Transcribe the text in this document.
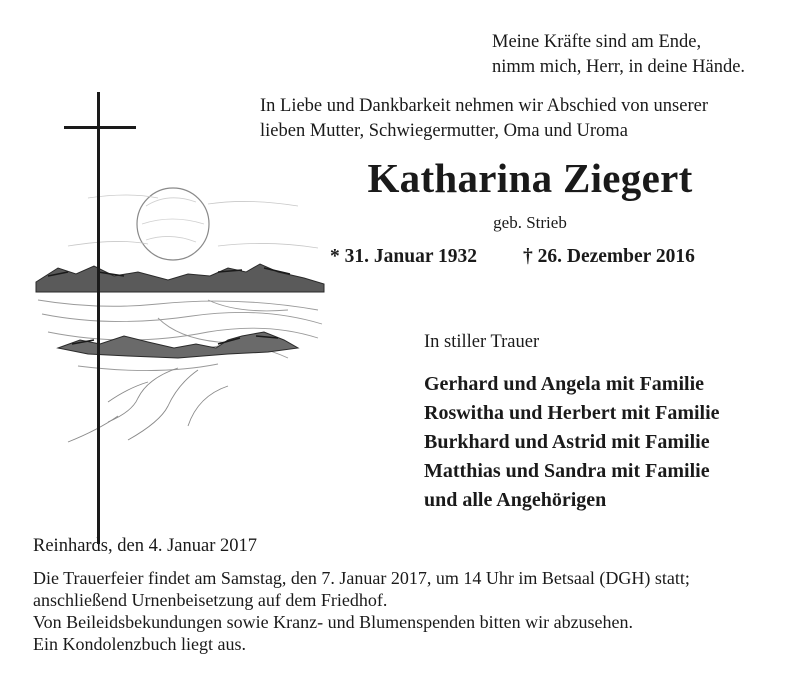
Meine Kräfte sind am Ende,
nimm mich, Herr, in deine Hände.
In Liebe und Dankbarkeit nehmen wir Abschied von unserer
lieben Mutter, Schwiegermutter, Oma und Uroma
Katharina Ziegert
geb. Strieb
* 31. Januar 1932 † 26. Dezember 2016
In stiller Trauer
Gerhard und Angela mit Familie
Roswitha und Herbert mit Familie
Burkhard und Astrid mit Familie
Matthias und Sandra mit Familie
und alle Angehörigen
Reinhards, den 4. Januar 2017
Die Trauerfeier findet am Samstag, den 7. Januar 2017, um 14 Uhr im Betsaal (DGH) statt;
anschließend Urnenbeisetzung auf dem Friedhof.
Von Beileidsbekundungen sowie Kranz- und Blumenspenden bitten wir abzusehen.
Ein Kondolenzbuch liegt aus.
